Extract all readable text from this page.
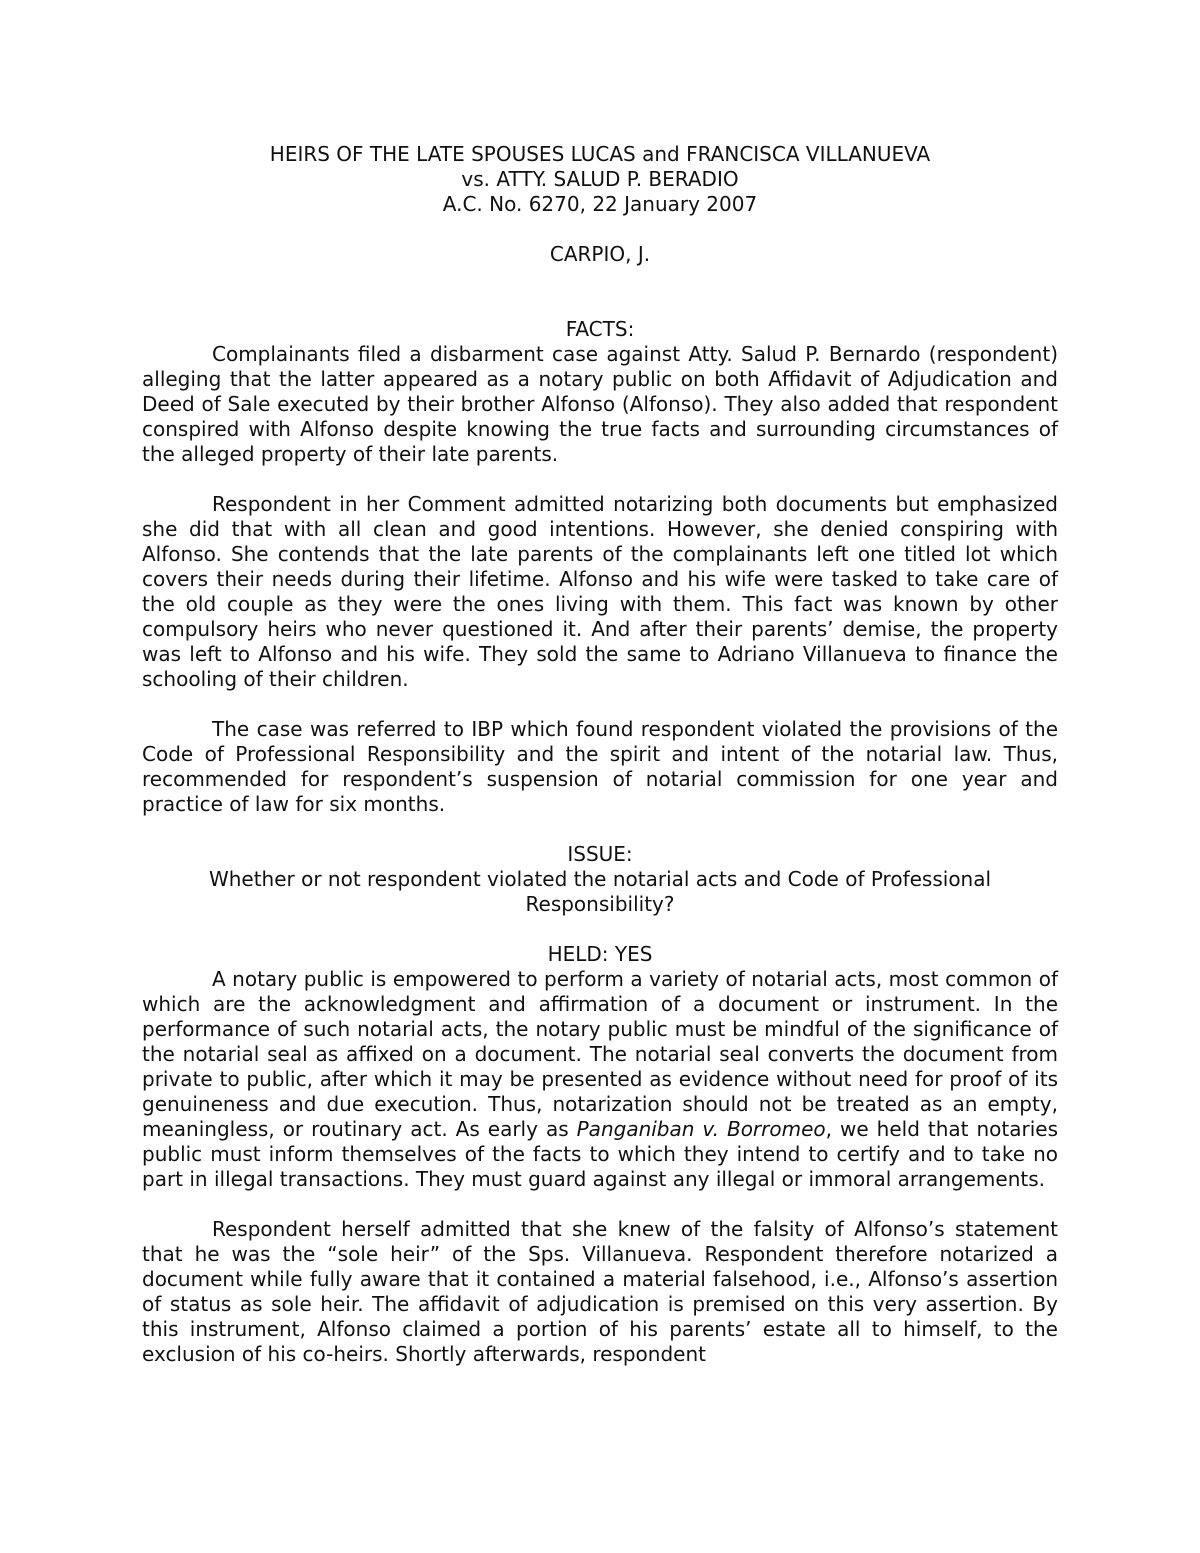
HEIRS OF THE LATE SPOUSES LUCAS and FRANCISCA VILLANUEVA

vs. ATTY. SALUD P. BERADIO

A.C. No. 6270, 22 January 2007

CARPIO, J.

FACTS:

Complainants filed a disbarment case against Atty. Salud P. Bernardo (respondent) alleging that the latter appeared as a notary public on both Affidavit of Adjudication and Deed of Sale executed by their brother Alfonso (Alfonso). They also added that respondent conspired with Alfonso despite knowing the true facts and surrounding circumstances of the alleged property of their late parents.

Respondent in her Comment admitted notarizing both documents but emphasized she did that with all clean and good intentions. However, she denied conspiring with Alfonso. She contends that the late parents of the complainants left one titled lot which covers their needs during their lifetime. Alfonso and his wife were tasked to take care of the old couple as they were the ones living with them. This fact was known by other compulsory heirs who never questioned it. And after their parents’ demise, the property was left to Alfonso and his wife. They sold the same to Adriano Villanueva to finance the schooling of their children.

The case was referred to IBP which found respondent violated the provisions of the Code of Professional Responsibility and the spirit and intent of the notarial law. Thus, recommended for respondent’s suspension of notarial commission for one year and practice of law for six months.

ISSUE:

Whether or not respondent violated the notarial acts and Code of Professional Responsibility?

HELD: YES

A notary public is empowered to perform a variety of notarial acts, most common of which are the acknowledgment and affirmation of a document or instrument. In the performance of such notarial acts, the notary public must be mindful of the significance of the notarial seal as affixed on a document. The notarial seal converts the document from private to public, after which it may be presented as evidence without need for proof of its genuineness and due execution. Thus, notarization should not be treated as an empty, meaningless, or routinary act. As early as Panganiban v. Borromeo, we held that notaries public must inform themselves of the facts to which they intend to certify and to take no part in illegal transactions. They must guard against any illegal or immoral arrangements.

Respondent herself admitted that she knew of the falsity of Alfonso’s statement that he was the “sole heir” of the Sps. Villanueva. Respondent therefore notarized a document while fully aware that it contained a material falsehood, i.e., Alfonso’s assertion of status as sole heir. The affidavit of adjudication is premised on this very assertion. By this instrument, Alfonso claimed a portion of his parents’ estate all to himself, to the exclusion of his co-heirs. Shortly afterwards, respondent
